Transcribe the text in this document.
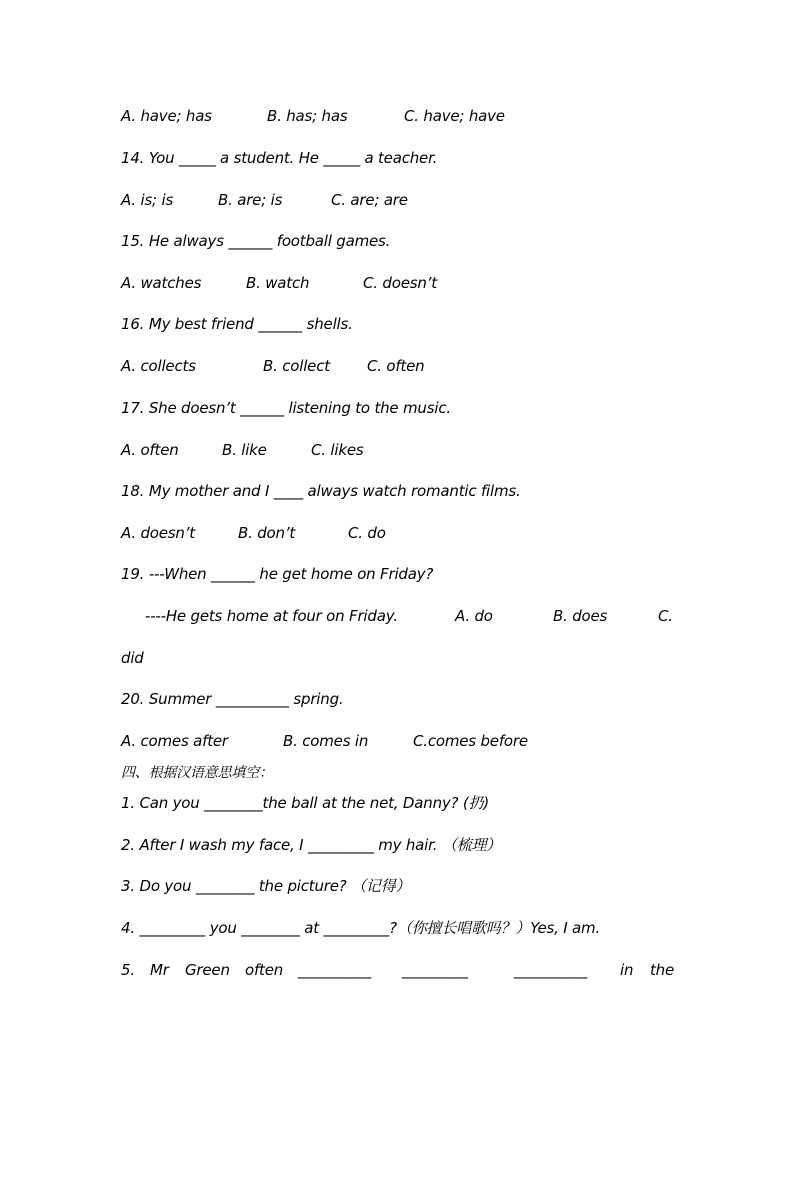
A. have; has

	B. has; has

	C. have; have

14. You _____ a student. He _____ a teacher.

A. is; is

	B. are; is

	C. are; are

15. He always ______ football games.

A. watches

	B. watch

	C. doesn’t

16. My best friend ______ shells.

A. collects

	B. collect

C. often

17. She doesn’t ______ listening to the music.

A. often

	B. like

	C. likes

18. My mother and I ____ always watch romantic films.

A. doesn’t

	B. don’t

	C. do

19. ---When ______ he get home on Friday?

----He gets home at four on Friday.

	A. do

	B. does

	C.

did
20. Summer __________ spring.

A. comes after

	B. comes in

	C.comes before

四、根据汉语意思填空：
1. Can you ________the ball at the net, Danny? (扔)
2. After I wash my face, I _________ my hair. （梳理）
3. Do you ________ the picture? （记得）
4. _________ you ________ at _________?（你擅长唱歌吗？）Yes, I am.

5.

Mr

Green

often

__________

_________

	__________

in

the
